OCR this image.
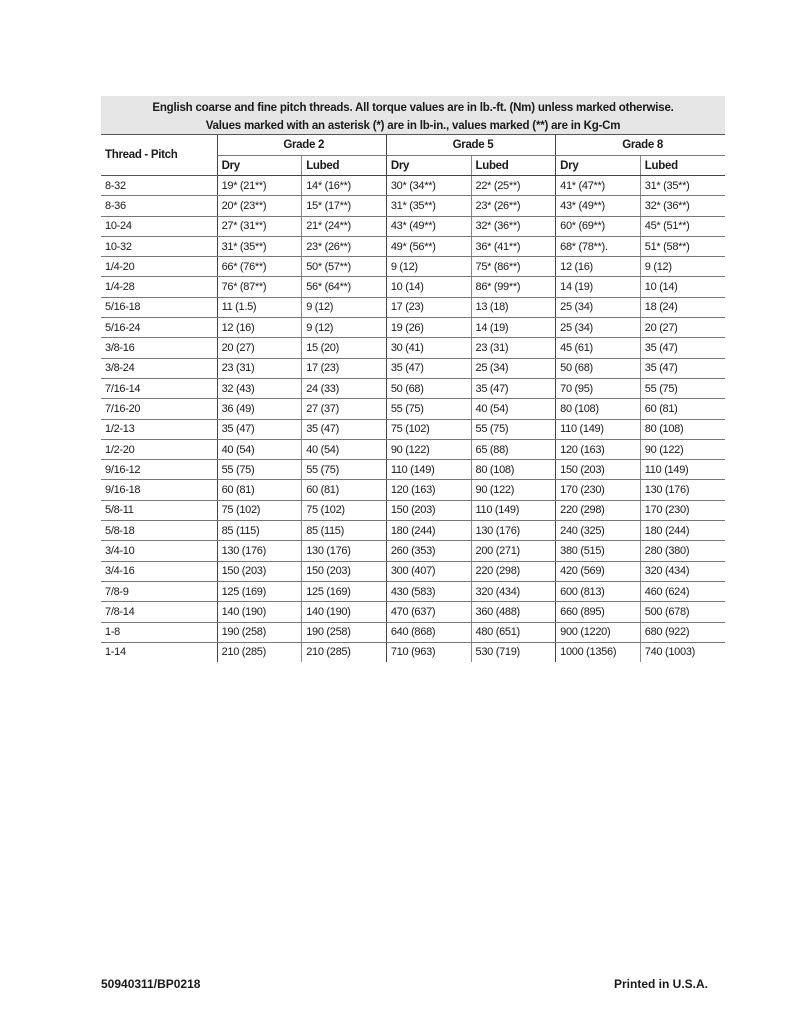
English coarse and fine pitch threads. All torque values are in lb.-ft. (Nm) unless marked otherwise.
Values marked with an asterisk (*) are in lb-in., values marked (**) are in Kg-Cm
Thread - Pitch	Grade 2		Grade 5		Grade 8	
	Dry	Lubed	Dry	Lubed	Dry	Lubed
8-32	19* (21**)	14* (16**)	30* (34**)	22* (25**)	41* (47**)	31* (35**)
8-36	20* (23**)	15* (17**)	31* (35**)	23* (26**)	43* (49**)	32* (36**)
10-24	27* (31**)	21* (24**)	43* (49**)	32* (36**)	60* (69**)	45* (51**)
10-32	31* (35**)	23* (26**)	49* (56**)	36* (41**)	68* (78**).	51* (58**)
1/4-20	66* (76**)	50* (57**)	9 (12)	75* (86**)	12 (16)	9 (12)
1/4-28	76* (87**)	56* (64**)	10 (14)	86* (99**)	14 (19)	10 (14)
5/16-18	11 (1.5)	9 (12)	17 (23)	13 (18)	25 (34)	18 (24)
5/16-24	12 (16)	9 (12)	19 (26)	14 (19)	25 (34)	20 (27)
3/8-16	20 (27)	15 (20)	30 (41)	23 (31)	45 (61)	35 (47)
3/8-24	23 (31)	17 (23)	35 (47)	25 (34)	50 (68)	35 (47)
7/16-14	32 (43)	24 (33)	50 (68)	35 (47)	70 (95)	55 (75)
7/16-20	36 (49)	27 (37)	55 (75)	40 (54)	80 (108)	60 (81)
1/2-13	35 (47)	35 (47)	75 (102)	55 (75)	110 (149)	80 (108)
1/2-20	40 (54)	40 (54)	90 (122)	65 (88)	120 (163)	90 (122)
9/16-12	55 (75)	55 (75)	110 (149)	80 (108)	150 (203)	110 (149)
9/16-18	60 (81)	60 (81)	120 (163)	90 (122)	170 (230)	130 (176)
5/8-11	75 (102)	75 (102)	150 (203)	110 (149)	220 (298)	170 (230)
5/8-18	85 (115)	85 (115)	180 (244)	130 (176)	240 (325)	180 (244)
3/4-10	130 (176)	130 (176)	260 (353)	200 (271)	380 (515)	280 (380)
3/4-16	150 (203)	150 (203)	300 (407)	220 (298)	420 (569)	320 (434)
7/8-9	125 (169)	125 (169)	430 (583)	320 (434)	600 (813)	460 (624)
7/8-14	140 (190)	140 (190)	470 (637)	360 (488)	660 (895)	500 (678)
1-8	190 (258)	190 (258)	640 (868)	480 (651)	900 (1220)	680 (922)
1-14	210 (285)	210 (285)	710 (963)	530 (719)	1000 (1356)	740 (1003)
50940311/BP0218	Printed in U.S.A.
